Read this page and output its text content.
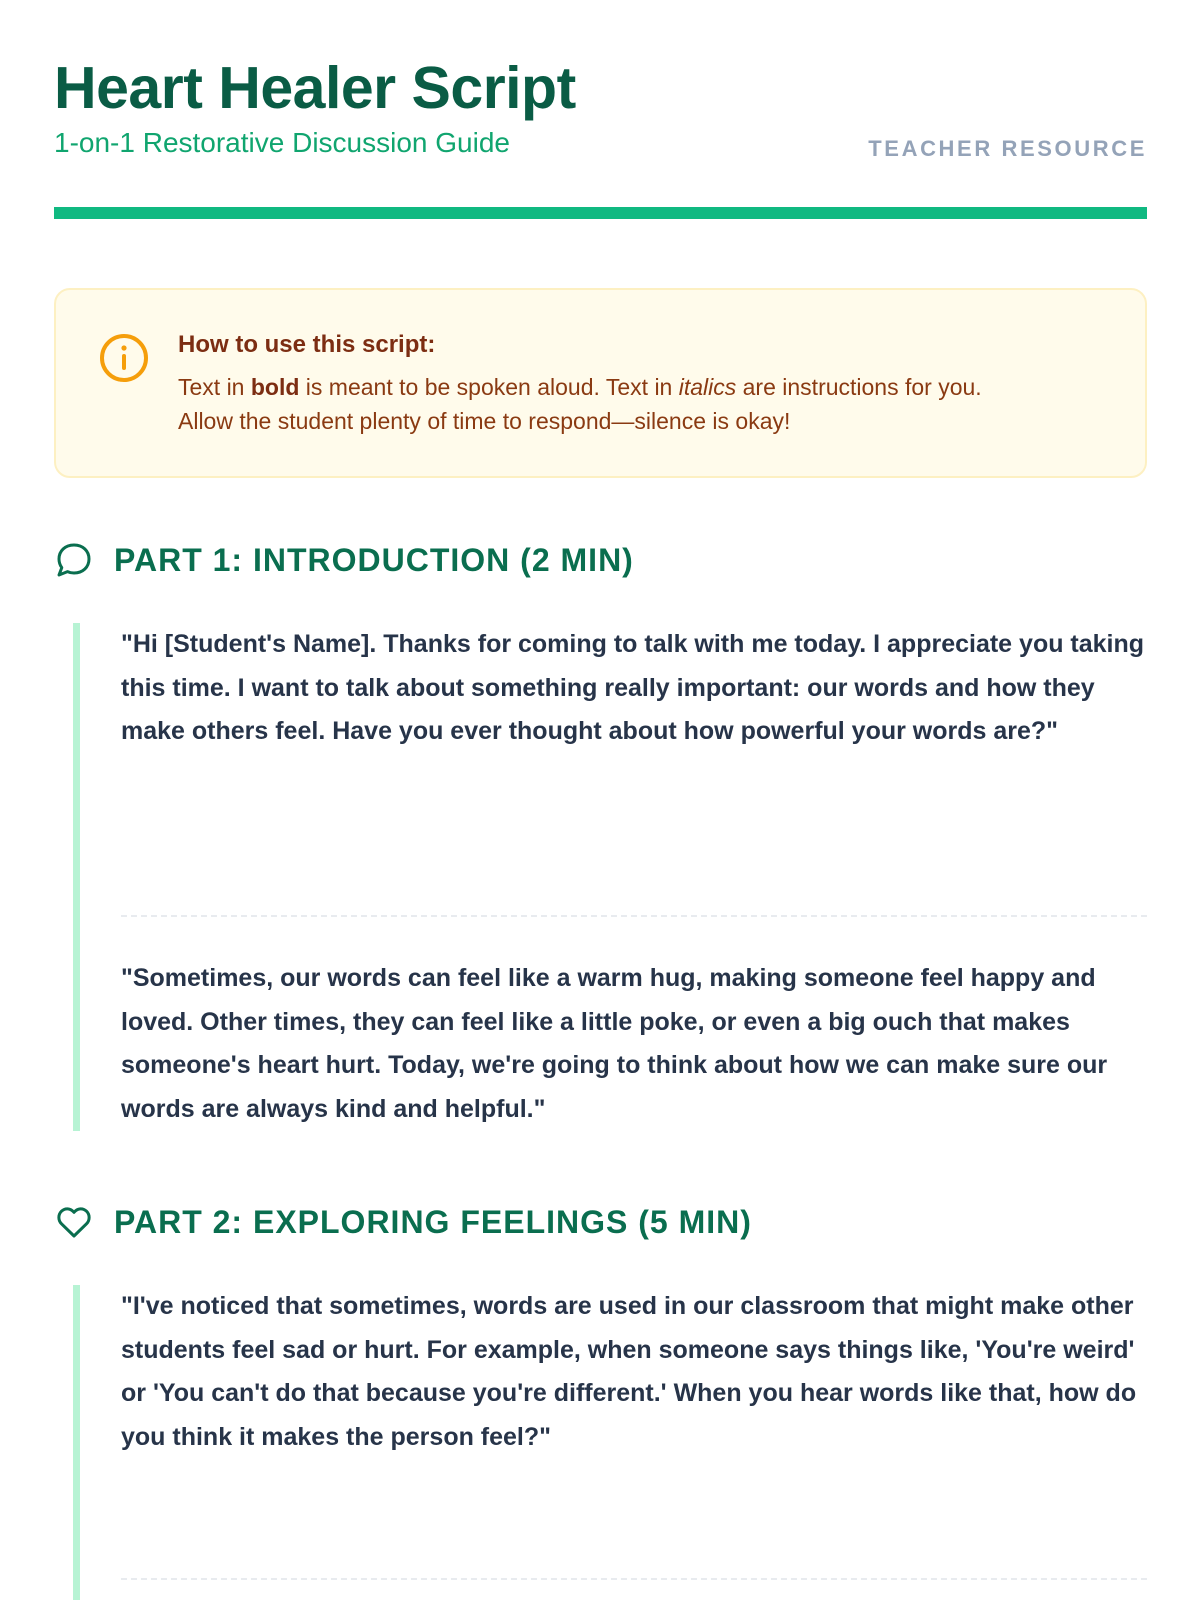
Heart Healer Script
1-on-1 Restorative Discussion Guide	TEACHER RESOURCE
How to use this script:
Text in bold is meant to be spoken aloud. Text in italics are instructions for you.
Allow the student plenty of time to respond—silence is okay!
PART 1: INTRODUCTION (2 MIN)
"Hi [Student's Name]. Thanks for coming to talk with me today. I appreciate you taking this time. I want to talk about something really important: our words and how they make others feel. Have you ever thought about how powerful your words are?"
"Sometimes, our words can feel like a warm hug, making someone feel happy and loved. Other times, they can feel like a little poke, or even a big ouch that makes someone's heart hurt. Today, we're going to think about how we can make sure our words are always kind and helpful."
PART 2: EXPLORING FEELINGS (5 MIN)
"I've noticed that sometimes, words are used in our classroom that might make other students feel sad or hurt. For example, when someone says things like, 'You're weird' or 'You can't do that because you're different.' When you hear words like that, how do you think it makes the person feel?"
